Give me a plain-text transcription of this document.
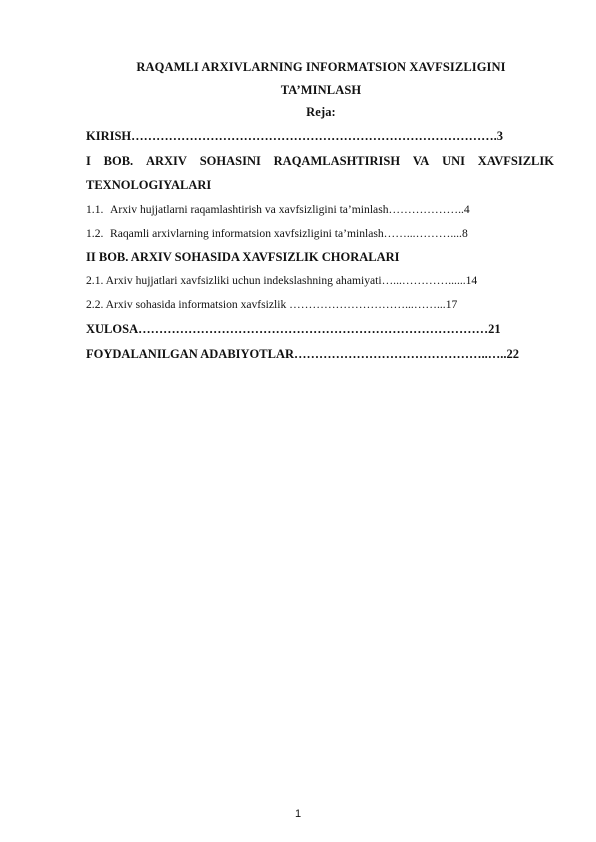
RAQAMLI ARXIVLARNING INFORMATSION XAVFSIZLIGINI
TA’MINLASH
Reja:
KIRISH…………………………………………………………………………….3
I BOB. ARXIV SOHASINI RAQAMLASHTIRISH VA UNI XAVFSIZLIK
TEXNOLOGIYALARI
1.1. Arxiv hujjatlarni raqamlashtirish va xavfsizligini ta’minlash………………..4
1.2. Raqamli arxivlarning informatsion xavfsizligini ta’minlash……...………....8
II BOB. ARXIV SOHASIDA XAVFSIZLIK CHORALARI
2.1. Arxiv hujjatlari xavfsizliki uchun indekslashning ahamiyati…...…………......14
2.2. Arxiv sohasida informatsion xavfsizlik …………………………...……...17
XULOSA…………………………………………………………………………21
FOYDALANILGAN ADABIYOTLAR………………………………………..…..22
1
